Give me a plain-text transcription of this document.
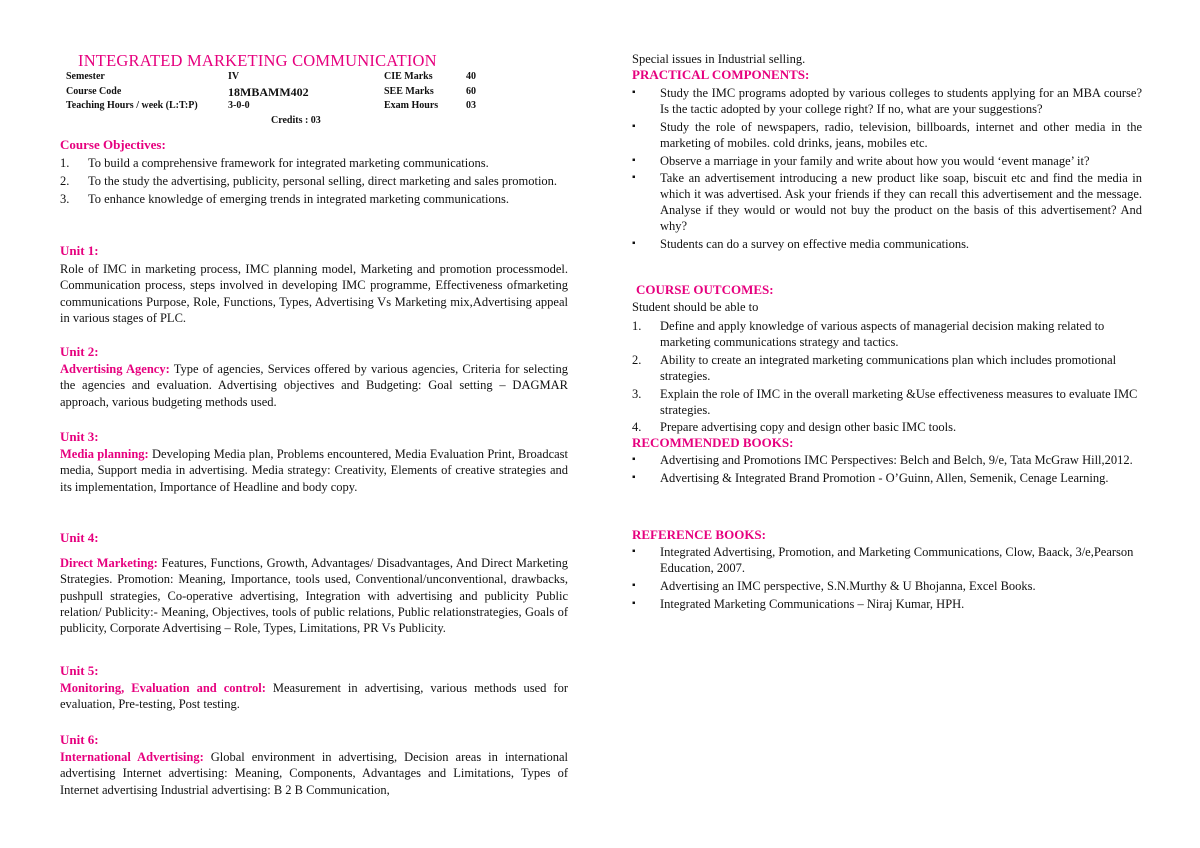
INTEGRATED MARKETING COMMUNICATION
Semester	IV	CIE Marks	40
Course Code	18MBAMM402	SEE Marks	60
Teaching Hours / week (L:T:P)	3-0-0	Exam Hours	03
Credits : 03
Course Objectives:
1. To build a comprehensive framework for integrated marketing communications.
2. To the study the advertising, publicity, personal selling, direct marketing and sales promotion.
3. To enhance knowledge of emerging trends in integrated marketing communications.
Unit 1:
Role of IMC in marketing process, IMC planning model, Marketing and promotion processmodel. Communication process, steps involved in developing IMC programme, Effectiveness ofmarketing communications Purpose, Role, Functions, Types, Advertising Vs Marketing mix,Advertising appeal in various stages of PLC.
Unit 2:
Advertising Agency: Type of agencies, Services offered by various agencies, Criteria for selecting the agencies and evaluation. Advertising objectives and Budgeting: Goal setting – DAGMAR approach, various budgeting methods used.
Unit 3:
Media planning: Developing Media plan, Problems encountered, Media Evaluation Print, Broadcast media, Support media in advertising. Media strategy: Creativity, Elements of creative strategies and its implementation, Importance of Headline and body copy.
Unit 4:
Direct Marketing: Features, Functions, Growth, Advantages/ Disadvantages, And Direct Marketing Strategies. Promotion: Meaning, Importance, tools used, Conventional/unconventional, drawbacks, pushpull strategies, Co-operative advertising, Integration with advertising and publicity Public relation/ Publicity:- Meaning, Objectives, tools of public relations, Public relationstrategies, Goals of publicity, Corporate Advertising – Role, Types, Limitations, PR Vs Publicity.
Unit 5:
Monitoring, Evaluation and control: Measurement in advertising, various methods used for evaluation, Pre-testing, Post testing.
Unit 6:
International Advertising: Global environment in advertising, Decision areas in international advertising Internet advertising: Meaning, Components, Advantages and Limitations, Types of Internet advertising Industrial advertising: B 2 B Communication,
Special issues in Industrial selling.
PRACTICAL COMPONENTS:
▪ Study the IMC programs adopted by various colleges to students applying for an MBA course? Is the tactic adopted by your college right? If no, what are your suggestions?
▪ Study the role of newspapers, radio, television, billboards, internet and other media in the marketing of mobiles. cold drinks, jeans, mobiles etc.
▪ Observe a marriage in your family and write about how you would ‘event manage’ it?
▪ Take an advertisement introducing a new product like soap, biscuit etc and find the media in which it was advertised. Ask your friends if they can recall this advertisement and the message. Analyse if they would or would not buy the product on the basis of this advertisement? And why?
▪ Students can do a survey on effective media communications.
COURSE OUTCOMES:
Student should be able to
1. Define and apply knowledge of various aspects of managerial decision making related to marketing communications strategy and tactics.
2. Ability to create an integrated marketing communications plan which includes promotional strategies.
3. Explain the role of IMC in the overall marketing &Use effectiveness measures to evaluate IMC strategies.
4. Prepare advertising copy and design other basic IMC tools.
RECOMMENDED BOOKS:
▪ Advertising and Promotions IMC Perspectives: Belch and Belch, 9/e, Tata McGraw Hill,2012.
▪ Advertising & Integrated Brand Promotion - O’Guinn, Allen, Semenik, Cenage Learning.
REFERENCE BOOKS:
▪ Integrated Advertising, Promotion, and Marketing Communications, Clow, Baack, 3/e,Pearson Education, 2007.
▪ Advertising an IMC perspective, S.N.Murthy & U Bhojanna, Excel Books.
▪ Integrated Marketing Communications – Niraj Kumar, HPH.
